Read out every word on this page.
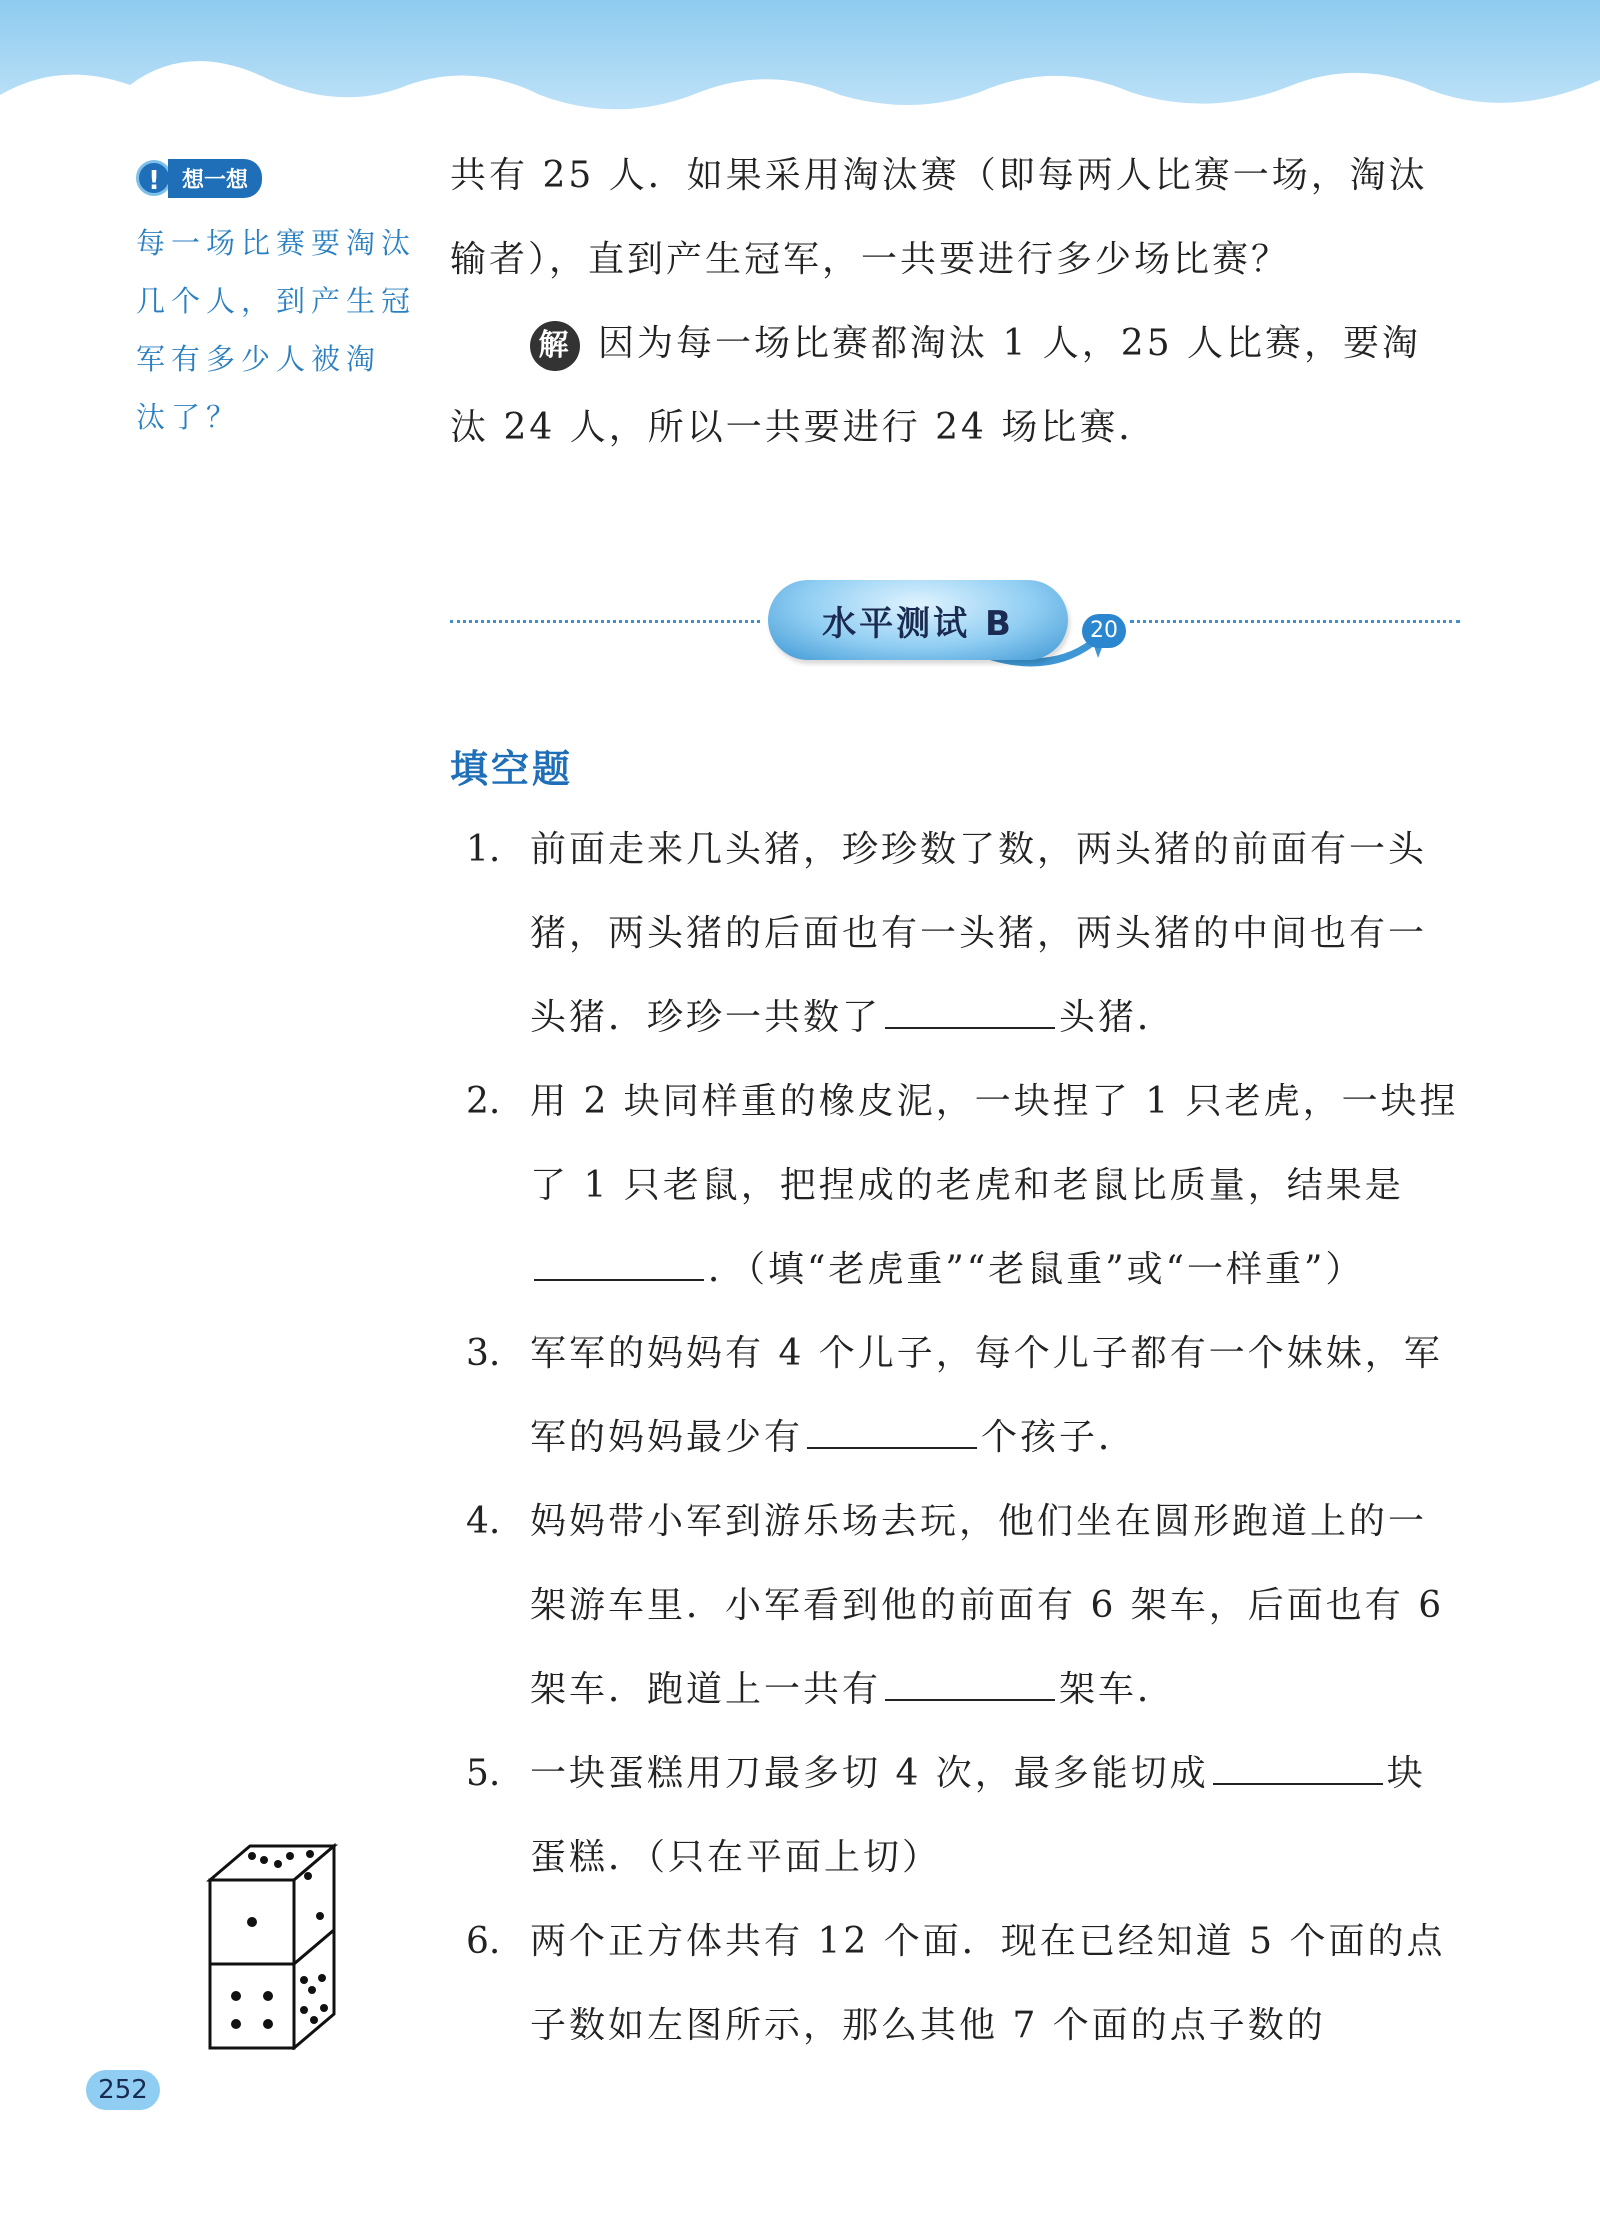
!	想一想
每一场比赛要淘汰
几个人，到产生冠
军有多少人被淘
汰了？

共有 25 人．如果采用淘汰赛（即每两人比赛一场，淘汰

输者），直到产生冠军，一共要进行多少场比赛？

解 因为每一场比赛都淘汰 1 人，25 人比赛，要淘

汰 24 人，所以一共要进行 24 场比赛．

水平测试 B	20
填空题
1. 前面走来几头猪，珍珍数了数，两头猪的前面有一头猪，两头猪的后面也有一头猪，两头猪的中间也有一头猪．珍珍一共数了	头猪．

2. 用 2 块同样重的橡皮泥，一块捏了 1 只老虎，一块捏了 1 只老鼠，把捏成的老虎和老鼠比质量，结果是．（填“老虎重”“老鼠重”或“一样重”）

3. 军军的妈妈有 4 个儿子，每个儿子都有一个妹妹，军军的妈妈最少有	个孩子．

4. 妈妈带小军到游乐场去玩，他们坐在圆形跑道上的一架游车里．小军看到他的前面有 6 架车，后面也有 6 架车．跑道上一共有	架车．

5. 一块蛋糕用刀最多切 4 次，最多能切成	块蛋糕．（只在平面上切）

6. 两个正方体共有 12 个面．现在已经知道 5 个面的点子数如左图所示，那么其他 7 个面的点子数的

252
